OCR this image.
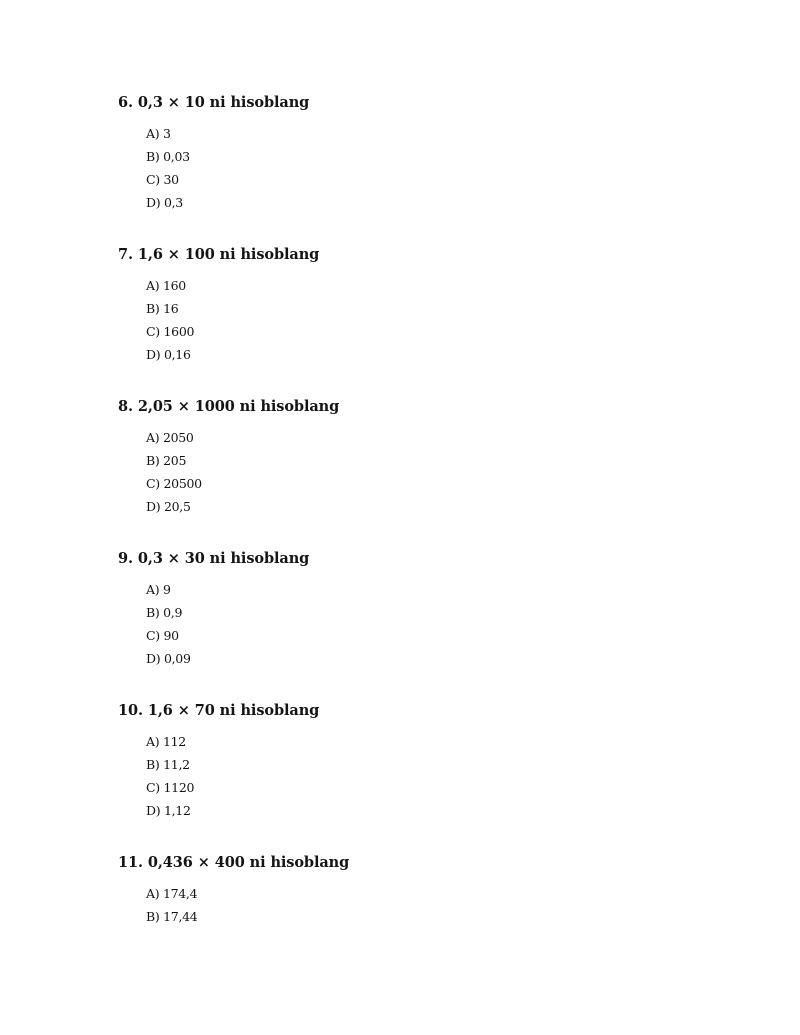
6. 0,3 × 10 ni hisoblang
A) 3
B) 0,03
C) 30
D) 0,3
7. 1,6 × 100 ni hisoblang
A) 160
B) 16
C) 1600
D) 0,16
8. 2,05 × 1000 ni hisoblang
A) 2050
B) 205
C) 20500
D) 20,5
9. 0,3 × 30 ni hisoblang
A) 9
B) 0,9
C) 90
D) 0,09
10. 1,6 × 70 ni hisoblang
A) 112
B) 11,2
C) 1120
D) 1,12
11. 0,436 × 400 ni hisoblang
A) 174,4
B) 17,44
